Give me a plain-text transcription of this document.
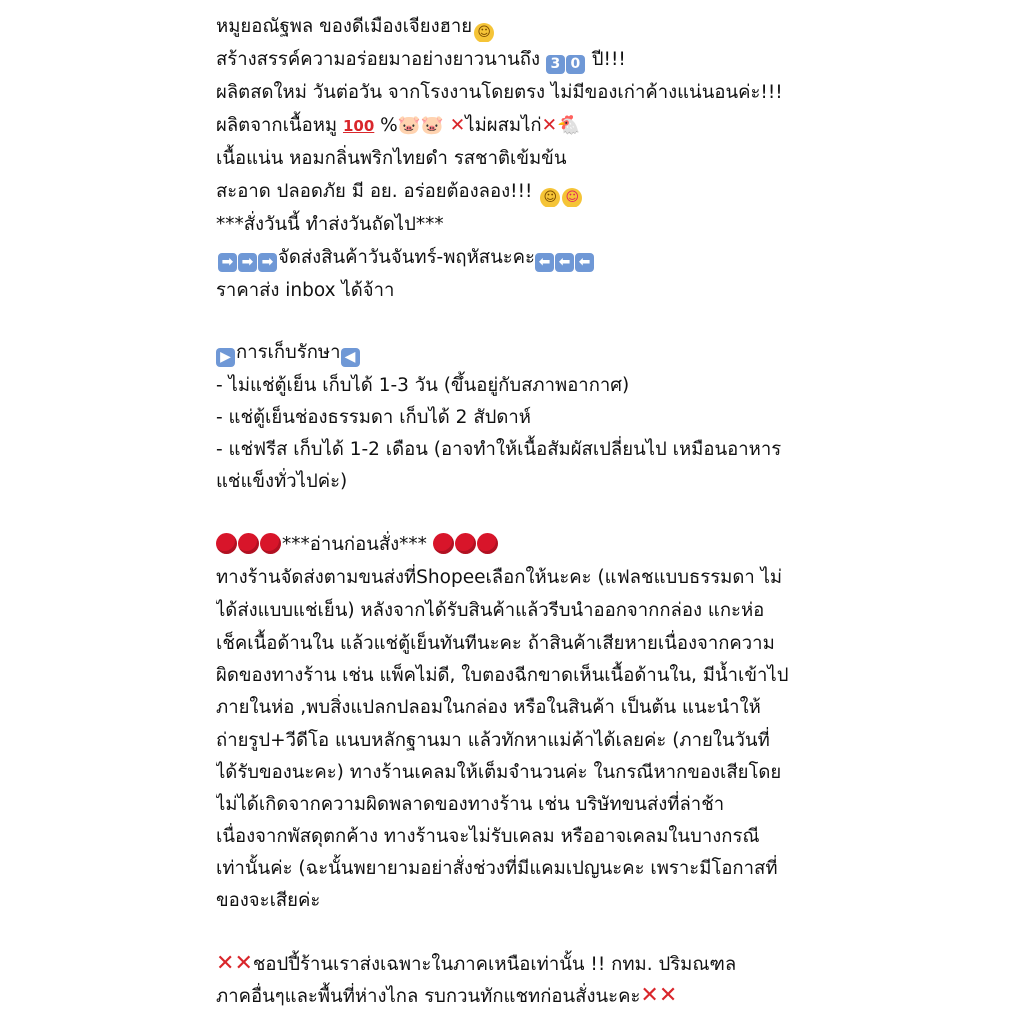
หมูยอณัฐพล ของดีเมืองเจียงฮาย ☺
สร้างสรรค์ความอร่อยมาอย่างยาวนานถึง 3 0 ปี!!!
ผลิตสดใหม่ วันต่อวัน จากโรงงานโดยตรง ไม่มีของเก่าค้างแน่นอนค่ะ!!!
ผลิตจากเนื้อหมู 100 %🐷🐷 ✕ไม่ผสมไก่✕🐔
เนื้อแน่น หอมกลิ่นพริกไทยดำ รสชาติเข้มข้น
สะอาด ปลอดภัย มี อย. อร่อยต้องลอง!!! ☺ ☺
***สั่งวันนี้ ทำส่งวันถัดไป***
➡ ➡ ➡ จัดส่งสินค้าวันจันทร์-พฤหัสนะคะ ⬅ ⬅ ⬅
ราคาส่ง inbox ได้จ้าา
▶ การเก็บรักษา ◀
- ไม่แช่ตู้เย็น เก็บได้ 1-3 วัน (ขึ้นอยู่กับสภาพอากาศ)
- แช่ตู้เย็นช่องธรรมดา เก็บได้ 2 สัปดาห์
- แช่ฟรีส เก็บได้ 1-2 เดือน (อาจทำให้เนื้อสัมผัสเปลี่ยนไป เหมือนอาหาร
แช่แข็งทั่วไปค่ะ)
***อ่านก่อนสั่ง***
ทางร้านจัดส่งตามขนส่งที่Shopeeเลือกให้นะคะ (แฟลชแบบธรรมดา ไม่
ได้ส่งแบบแช่เย็น) หลังจากได้รับสินค้าแล้วรีบนำออกจากกล่อง แกะห่อ
เช็คเนื้อด้านใน แล้วแช่ตู้เย็นทันทีนะคะ ถ้าสินค้าเสียหายเนื่องจากความ
ผิดของทางร้าน เช่น แพ็คไม่ดี, ใบตองฉีกขาดเห็นเนื้อด้านใน, มีน้ำเข้าไป
ภายในห่อ ,พบสิ่งแปลกปลอมในกล่อง หรือในสินค้า เป็นต้น แนะนำให้
ถ่ายรูป+วีดีโอ แนบหลักฐานมา แล้วทักหาแม่ค้าได้เลยค่ะ (ภายในวันที่
ได้รับของนะคะ) ทางร้านเคลมให้เต็มจำนวนค่ะ ในกรณีหากของเสียโดย
ไม่ได้เกิดจากความผิดพลาดของทางร้าน เช่น บริษัทขนส่งที่ล่าช้า
เนื่องจากพัสดุตกค้าง ทางร้านจะไม่รับเคลม หรืออาจเคลมในบางกรณี
เท่านั้นค่ะ (ฉะนั้นพยายามอย่าสั่งช่วงที่มีแคมเปญนะคะ เพราะมีโอกาสที่
ของจะเสียค่ะ
✕✕ชอปปี้ร้านเราส่งเฉพาะในภาคเหนือเท่านั้น !! กทม. ปริมณฑล
ภาคอื่นๆและพื้นที่ห่างไกล รบกวนทักแชทก่อนสั่งนะคะ✕✕
